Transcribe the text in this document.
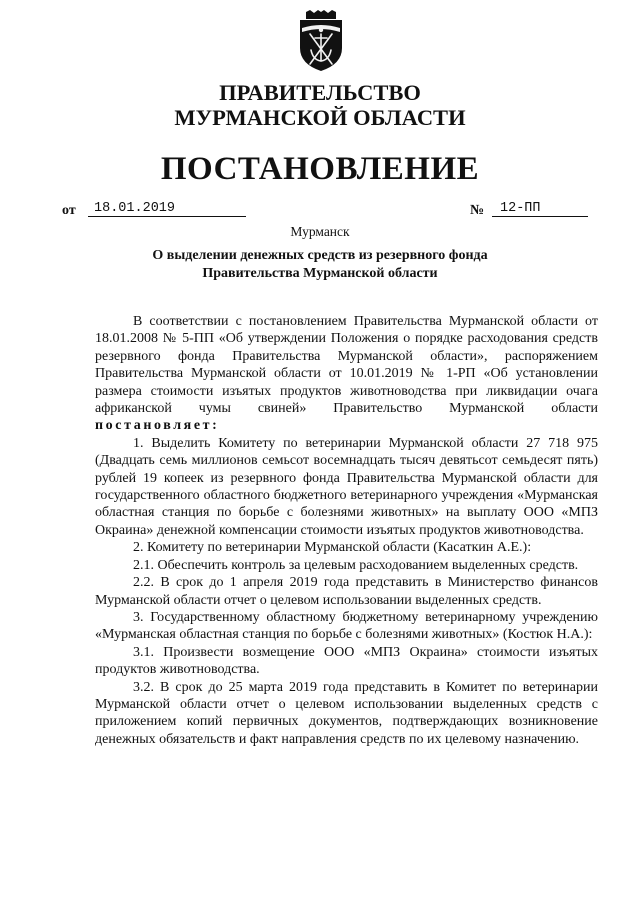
ПРАВИТЕЛЬСТВО
МУРМАНСКОЙ ОБЛАСТИ
ПОСТАНОВЛЕНИЕ
от	18.01.2019	№	12-ПП
Мурманск
О выделении денежных средств из резервного фонда
Правительства Мурманской области

В соответствии с постановлением Правительства Мурманской области от 18.01.2008 № 5-ПП «Об утверждении Положения о порядке расходования средств резервного фонда Правительства Мурманской области», распоряжением Правительства Мурманской области от 10.01.2019 № 1-РП «Об установлении размера стоимости изъятых продуктов животноводства при ликвидации очага африканской чумы свиней» Правительство Мурманской области постановляет:

1. Выделить Комитету по ветеринарии Мурманской области 27 718 975 (Двадцать семь миллионов семьсот восемнадцать тысяч девятьсот семьдесят пять) рублей 19 копеек из резервного фонда Правительства Мурманской области для государственного областного бюджетного ветеринарного учреждения «Мурманская областная станция по борьбе с болезнями животных» на выплату ООО «МПЗ Окраина» денежной компенсации стоимости изъятых продуктов животноводства.

2. Комитету по ветеринарии Мурманской области (Касаткин А.Е.):

2.1. Обеспечить контроль за целевым расходованием выделенных средств.

2.2. В срок до 1 апреля 2019 года представить в Министерство финансов Мурманской области отчет о целевом использовании выделенных средств.

3. Государственному областному бюджетному ветеринарному учреждению «Мурманская областная станция по борьбе с болезнями животных» (Костюк Н.А.):

3.1. Произвести возмещение ООО «МПЗ Окраина» стоимости изъятых продуктов животноводства.

3.2. В срок до 25 марта 2019 года представить в Комитет по ветеринарии Мурманской области отчет о целевом использовании выделенных средств с приложением копий первичных документов, подтверждающих возникновение денежных обязательств и факт направления средств по их целевому назначению.
